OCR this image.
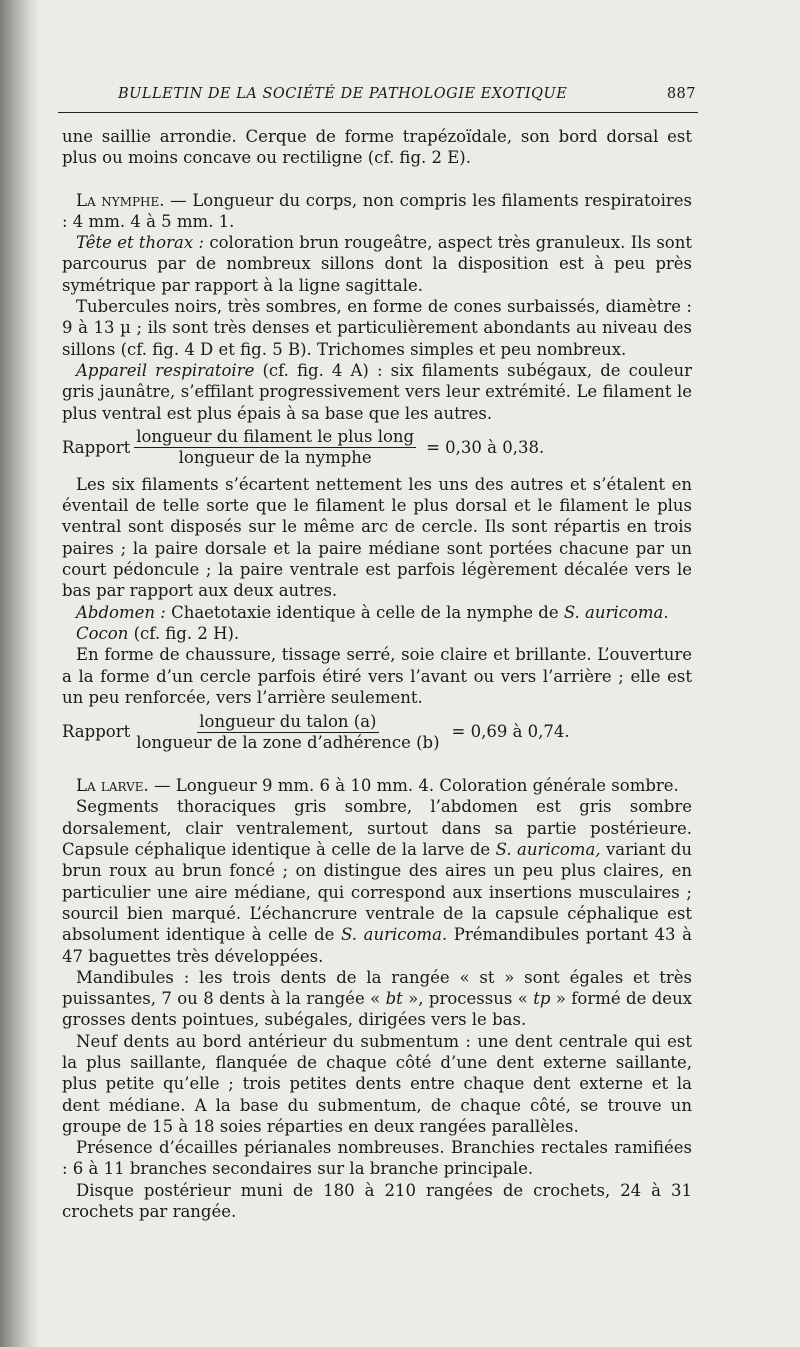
BULLETIN DE LA SOCIÉTÉ DE PATHOLOGIE EXOTIQUE	887

une saillie arrondie. Cerque de forme trapézoïdale, son bord dorsal est plus ou moins concave ou rectiligne (cf. fig. 2 E).

La nymphe. — Longueur du corps, non compris les filaments respiratoires : 4 mm. 4 à 5 mm. 1.

Tête et thorax : coloration brun rougeâtre, aspect très granuleux. Ils sont parcourus par de nombreux sillons dont la disposition est à peu près symétrique par rapport à la ligne sagittale.

Tubercules noirs, très sombres, en forme de cones surbaissés, diamètre : 9 à 13 µ ; ils sont très denses et particulièrement abondants au niveau des sillons (cf. fig. 4 D et fig. 5 B). Trichomes simples et peu nombreux.

Appareil respiratoire (cf. fig. 4 A) : six filaments subégaux, de couleur gris jaunâtre, s’effilant progressivement vers leur extrémité. Le filament le plus ventral est plus épais à sa base que les autres.

Rapport $\frac{\text{longueur du filament le plus long}}{\text{longueur de la nymphe}} = 0,30$ à 0,38.

Les six filaments s’écartent nettement les uns des autres et s’étalent en éventail de telle sorte que le filament le plus dorsal et le filament le plus ventral sont disposés sur le même arc de cercle. Ils sont répartis en trois paires ; la paire dorsale et la paire médiane sont portées chacune par un court pédoncule ; la paire ventrale est parfois légèrement décalée vers le bas par rapport aux deux autres.

Abdomen : Chaetotaxie identique à celle de la nymphe de S. auricoma.

Cocon (cf. fig. 2 H).

En forme de chaussure, tissage serré, soie claire et brillante. L’ouverture a la forme d’un cercle parfois étiré vers l’avant ou vers l’arrière ; elle est un peu renforcée, vers l’arrière seulement.

Rapport $\frac{\text{longueur du talon (a)}}{\text{longueur de la zone d’adhérence (b)}} = 0,69$ à 0,74.

La larve. — Longueur 9 mm. 6 à 10 mm. 4. Coloration générale sombre.

Segments thoraciques gris sombre, l’abdomen est gris sombre dorsalement, clair ventralement, surtout dans sa partie postérieure. Capsule céphalique identique à celle de la larve de S. auricoma, variant du brun roux au brun foncé ; on distingue des aires un peu plus claires, en particulier une aire médiane, qui correspond aux insertions musculaires ; sourcil bien marqué. L’échancrure ventrale de la capsule céphalique est absolument identique à celle de S. auricoma. Prémandibules portant 43 à 47 baguettes très développées.

Mandibules : les trois dents de la rangée « st » sont égales et très puissantes, 7 ou 8 dents à la rangée « bt », processus « tp » formé de deux grosses dents pointues, subégales, dirigées vers le bas.

Neuf dents au bord antérieur du submentum : une dent centrale qui est la plus saillante, flanquée de chaque côté d’une dent externe saillante, plus petite qu’elle ; trois petites dents entre chaque dent externe et la dent médiane. A la base du submentum, de chaque côté, se trouve un groupe de 15 à 18 soies réparties en deux rangées parallèles.

Présence d’écailles périanales nombreuses. Branchies rectales ramifiées : 6 à 11 branches secondaires sur la branche principale.

Disque postérieur muni de 180 à 210 rangées de crochets, 24 à 31 crochets par rangée.
